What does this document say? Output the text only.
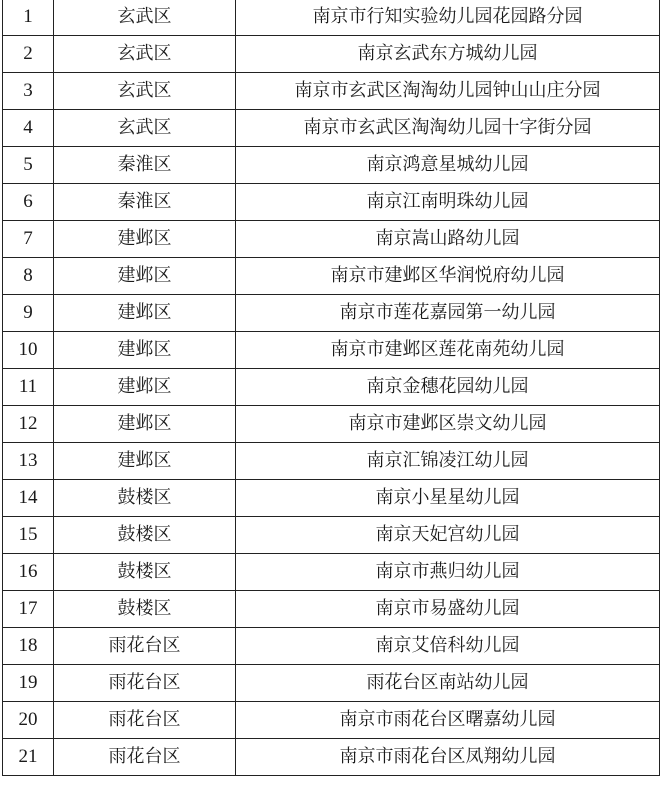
1	玄武区	南京市行知实验幼儿园花园路分园
2	玄武区	南京玄武东方城幼儿园
3	玄武区	南京市玄武区淘淘幼儿园钟山山庄分园
4	玄武区	南京市玄武区淘淘幼儿园十字街分园
5	秦淮区	南京鸿意星城幼儿园
6	秦淮区	南京江南明珠幼儿园
7	建邺区	南京嵩山路幼儿园
8	建邺区	南京市建邺区华润悦府幼儿园
9	建邺区	南京市莲花嘉园第一幼儿园
10	建邺区	南京市建邺区莲花南苑幼儿园
11	建邺区	南京金穗花园幼儿园
12	建邺区	南京市建邺区崇文幼儿园
13	建邺区	南京汇锦凌江幼儿园
14	鼓楼区	南京小星星幼儿园
15	鼓楼区	南京天妃宫幼儿园
16	鼓楼区	南京市燕归幼儿园
17	鼓楼区	南京市易盛幼儿园
18	雨花台区	南京艾倍科幼儿园
19	雨花台区	雨花台区南站幼儿园
20	雨花台区	南京市雨花台区曙嘉幼儿园
21	雨花台区	南京市雨花台区凤翔幼儿园
